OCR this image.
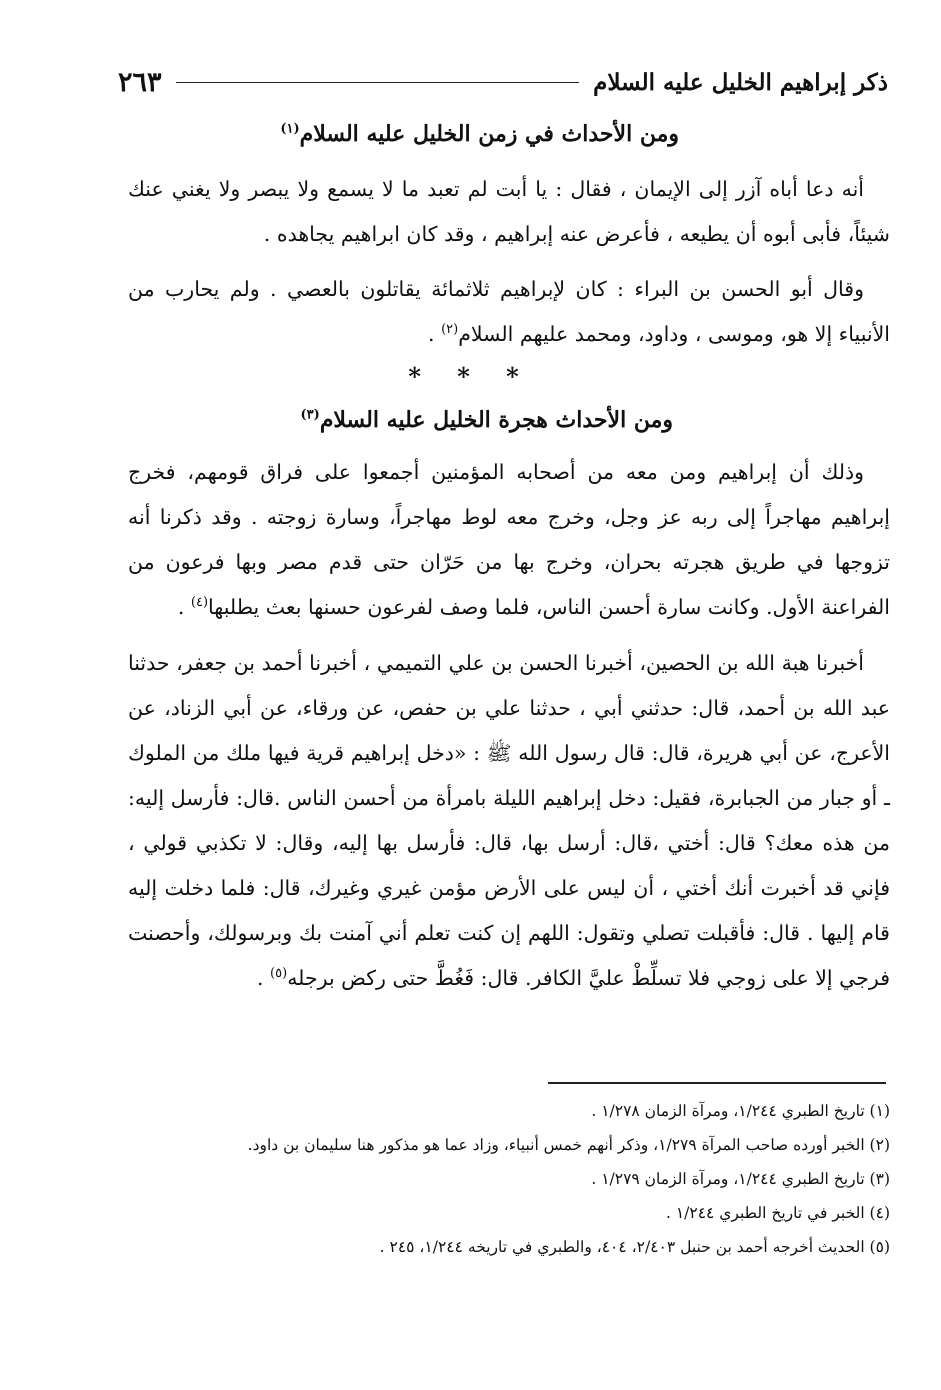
ذكر إبراهيم الخليل عليه السلام
٢٦٣
ومن الأحداث في زمن الخليل عليه السلام$^{(١)}$

أنه دعا أباه آزر إلى الإيمان ، فقال : يا أبت لم تعبد ما لا يسمع ولا يبصر ولا يغني عنك شيئاً، فأبى أبوه أن يطيعه ، فأعرض عنه إبراهيم ، وقد كان ابراهيم يجاهده .

وقال أبو الحسن بن البراء : كان لإبراهيم ثلاثمائة يقاتلون بالعصي . ولم يحارب من الأنبياء إلا هو، وموسى ، وداود، ومحمد عليهم السلام$^{(٢)}$ .

* * *
ومن الأحداث هجرة الخليل عليه السلام$^{(٣)}$

وذلك أن إبراهيم ومن معه من أصحابه المؤمنين أجمعوا على فراق قومهم، فخرج إبراهيم مهاجراً إلى ربه عز وجل، وخرج معه لوط مهاجراً، وسارة زوجته . وقد ذكرنا أنه تزوجها في طريق هجرته بحران، وخرج بها من حَرّان حتى قدم مصر وبها فرعون من الفراعنة الأول. وكانت سارة أحسن الناس، فلما وصف لفرعون حسنها بعث يطلبها$^{(٤)}$ .

أخبرنا هبة الله بن الحصين، أخبرنا الحسن بن علي التميمي ، أخبرنا أحمد بن جعفر، حدثنا عبد الله بن أحمد، قال: حدثني أبي ، حدثنا علي بن حفص، عن ورقاء، عن أبي الزناد، عن الأعرج، عن أبي هريرة، قال: قال رسول الله ﷺ : «دخل إبراهيم قرية فيها ملك من الملوك ـ أو جبار من الجبابرة، فقيل: دخل إبراهيم الليلة بامرأة من أحسن الناس .قال: فأرسل إليه: من هذه معك؟ قال: أختي ،قال: أرسل بها، قال: فأرسل بها إليه، وقال: لا تكذبي قولي ، فإني قد أخبرت أنك أختي ، أن ليس على الأرض مؤمن غيري وغيرك، قال: فلما دخلت إليه قام إليها . قال: فأقبلت تصلي وتقول: اللهم إن كنت تعلم أني آمنت بك وبرسولك، وأحصنت فرجي إلا على زوجي فلا تسلِّطْ عليَّ الكافر. قال: فَغُطَّ حتى ركض برجله$^{(٥)}$ .

(١) تاريخ الطبري ١/٢٤٤، ومرآة الزمان ١/٢٧٨ .
(٢) الخبر أورده صاحب المرآة ١/٢٧٩، وذكر أنهم خمس أنبياء، وزاد عما هو مذكور هنا سليمان بن داود.
(٣) تاريخ الطبري ١/٢٤٤، ومرآة الزمان ١/٢٧٩ .
(٤) الخبر في تاريخ الطبري ١/٢٤٤ .
(٥) الحديث أخرجه أحمد بن حنبل ٢/٤٠٣، ٤٠٤، والطبري في تاريخه ١/٢٤٤، ٢٤٥ .
